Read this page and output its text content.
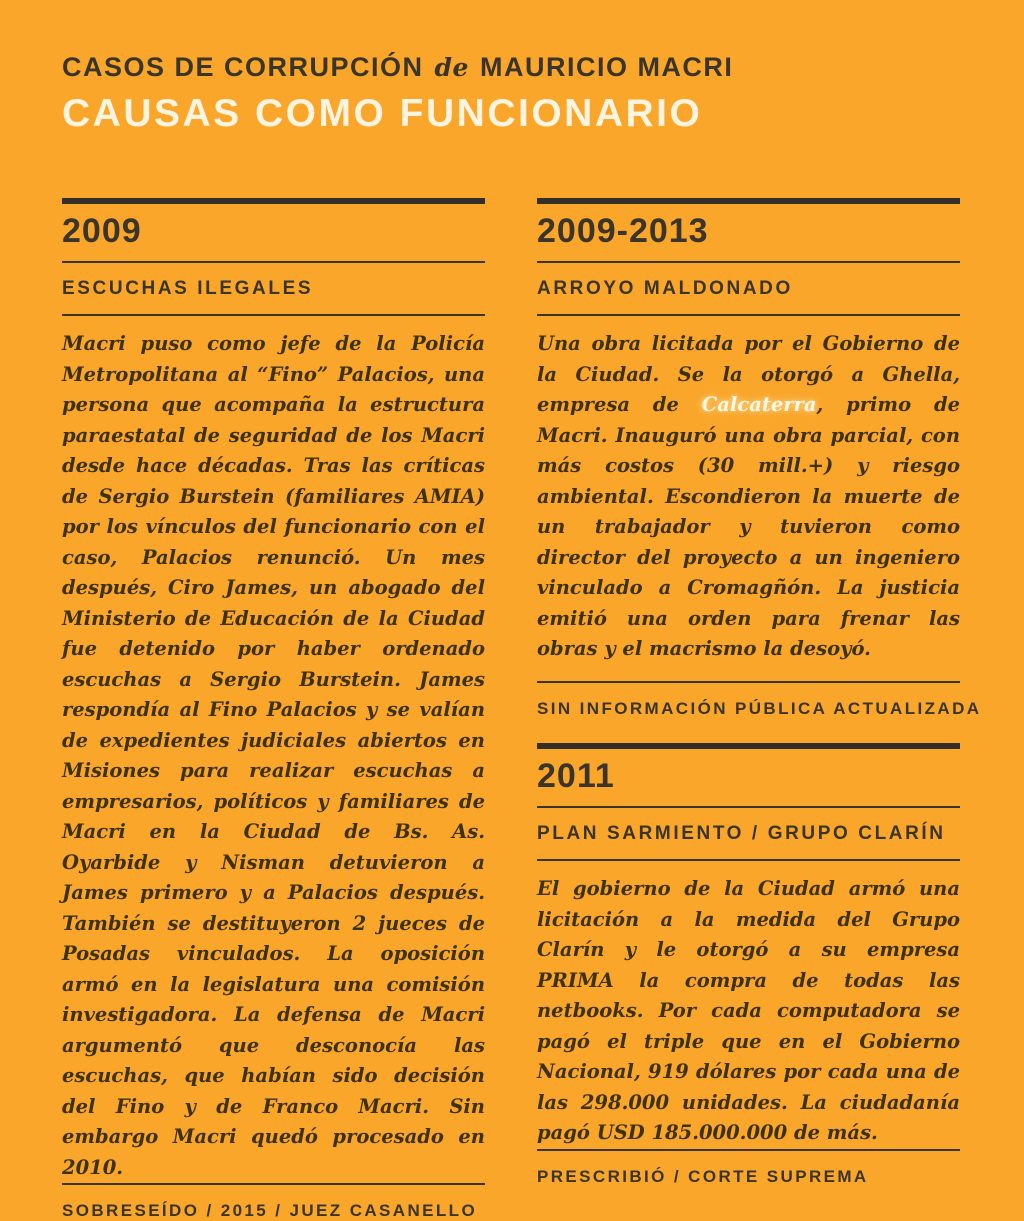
CASOS DE CORRUPCIÓN de MAURICIO MACRI
CAUSAS COMO FUNCIONARIO
2009
ESCUCHAS ILEGALES

Macri puso como jefe de la Policía Metropolitana al “Fino” Palacios, una persona que acompaña la estructura paraestatal de seguridad de los Macri desde hace décadas. Tras las críticas de Sergio Burstein (familiares AMIA) por los vínculos del funcionario con el caso, Palacios renunció. Un mes después, Ciro James, un abogado del Ministerio de Educación de la Ciudad fue detenido por haber ordenado escuchas a Sergio Burstein. James respondía al Fino Palacios y se valían de expedientes judiciales abiertos en Misiones para realizar escuchas a empresarios, políticos y familiares de Macri en la Ciudad de Bs. As. Oyarbide y Nisman detuvieron a James primero y a Palacios después. También se destituyeron 2 jueces de Posadas vinculados. La oposición armó en la legislatura una comisión investigadora. La defensa de Macri argumentó que desconocía las escuchas, que habían sido decisión del Fino y de Franco Macri. Sin embargo Macri quedó procesado en 2010.

SOBRESEÍDO / 2015 / JUEZ CASANELLO
2009-2013
ARROYO MALDONADO

Una obra licitada por el Gobierno de la Ciudad. Se la otorgó a Ghella, empresa de Calcaterra, primo de Macri. Inauguró una obra parcial, con más costos (30 mill.+) y riesgo ambiental. Escondieron la muerte de un trabajador y tuvieron como director del proyecto a un ingeniero vinculado a Cromagñón. La justicia emitió una orden para frenar las obras y el macrismo la desoyó.

SIN INFORMACIÓN PÚBLICA ACTUALIZADA
2011
PLAN SARMIENTO / GRUPO CLARÍN

El gobierno de la Ciudad armó una licitación a la medida del Grupo Clarín y le otorgó a su empresa PRIMA la compra de todas las netbooks. Por cada computadora se pagó el triple que en el Gobierno Nacional, 919 dólares por cada una de las 298.000 unidades. La ciudadanía pagó USD 185.000.000 de más.

PRESCRIBIÓ / CORTE SUPREMA
